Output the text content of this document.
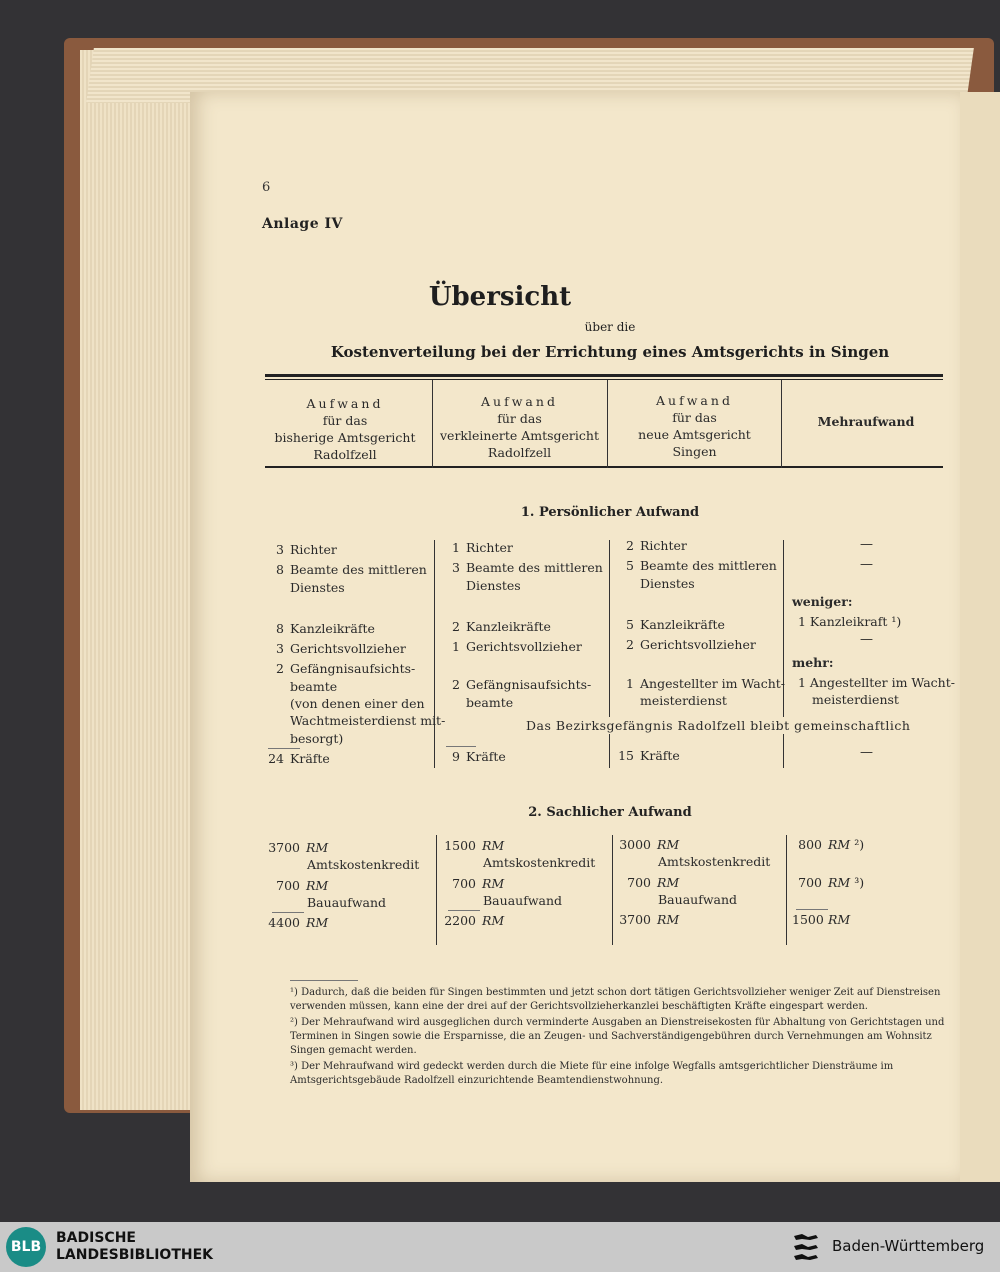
6
Anlage IV
Übersicht
über die
Kostenverteilung bei der Errichtung eines Amtsgerichts in Singen
Aufwand
für das
bisherige Amtsgericht
Radolfzell
Aufwand
für das
verkleinerte Amtsgericht
Radolfzell
Aufwand
für das
neue Amtsgericht
Singen
Mehraufwand
1. Persönlicher Aufwand
3 Richter
8 Beamte des mittleren
Dienstes
8 Kanzleikräfte
3 Gerichtsvollzieher
2 Gefängnisaufsichts-
beamte
(von denen einer den
Wachtmeisterdienst mit-
besorgt)
24 Kräfte
1 Richter
3 Beamte des mittleren
Dienstes
2 Kanzleikräfte
1 Gerichtsvollzieher
2 Gefängnisaufsichts-
beamte
9 Kräfte
2 Richter
5 Beamte des mittleren
Dienstes
5 Kanzleikräfte
2 Gerichtsvollzieher
1 Angestellter im Wacht-
meisterdienst
15 Kräfte
—
—
weniger:
1 Kanzleikraft ¹)
—
mehr:
1 Angestellter im Wacht-
meisterdienst
—
Das Bezirksgefängnis Radolfzell bleibt gemeinschaftlich
2. Sachlicher Aufwand
3700 RM
Amtskostenkredit
700 RM
Bauaufwand
4400 RM
1500 RM
Amtskostenkredit
700 RM
Bauaufwand
2200 RM
3000 RM
Amtskostenkredit
700 RM
Bauaufwand
3700 RM
800 RM ²)
700 RM ³)
1500 RM
¹) Dadurch, daß die beiden für Singen bestimmten und jetzt schon dort tätigen Gerichtsvollzieher weniger Zeit auf Dienstreisen verwenden müssen, kann eine der drei auf der Gerichtsvollzieherkanzlei beschäftigten Kräfte eingespart werden.
²) Der Mehraufwand wird ausgeglichen durch verminderte Ausgaben an Dienstreisekosten für Abhaltung von Gerichtstagen und Terminen in Singen sowie die Ersparnisse, die an Zeugen- und Sachverständigengebühren durch Vernehmungen am Wohnsitz Singen gemacht werden.
³) Der Mehraufwand wird gedeckt werden durch die Miete für eine infolge Wegfalls amtsgerichtlicher Diensträume im Amtsgerichtsgebäude Radolfzell einzurichtende Beamtendienstwohnung.
BLB
BADISCHE
LANDESBIBLIOTHEK	Baden-Württemberg
